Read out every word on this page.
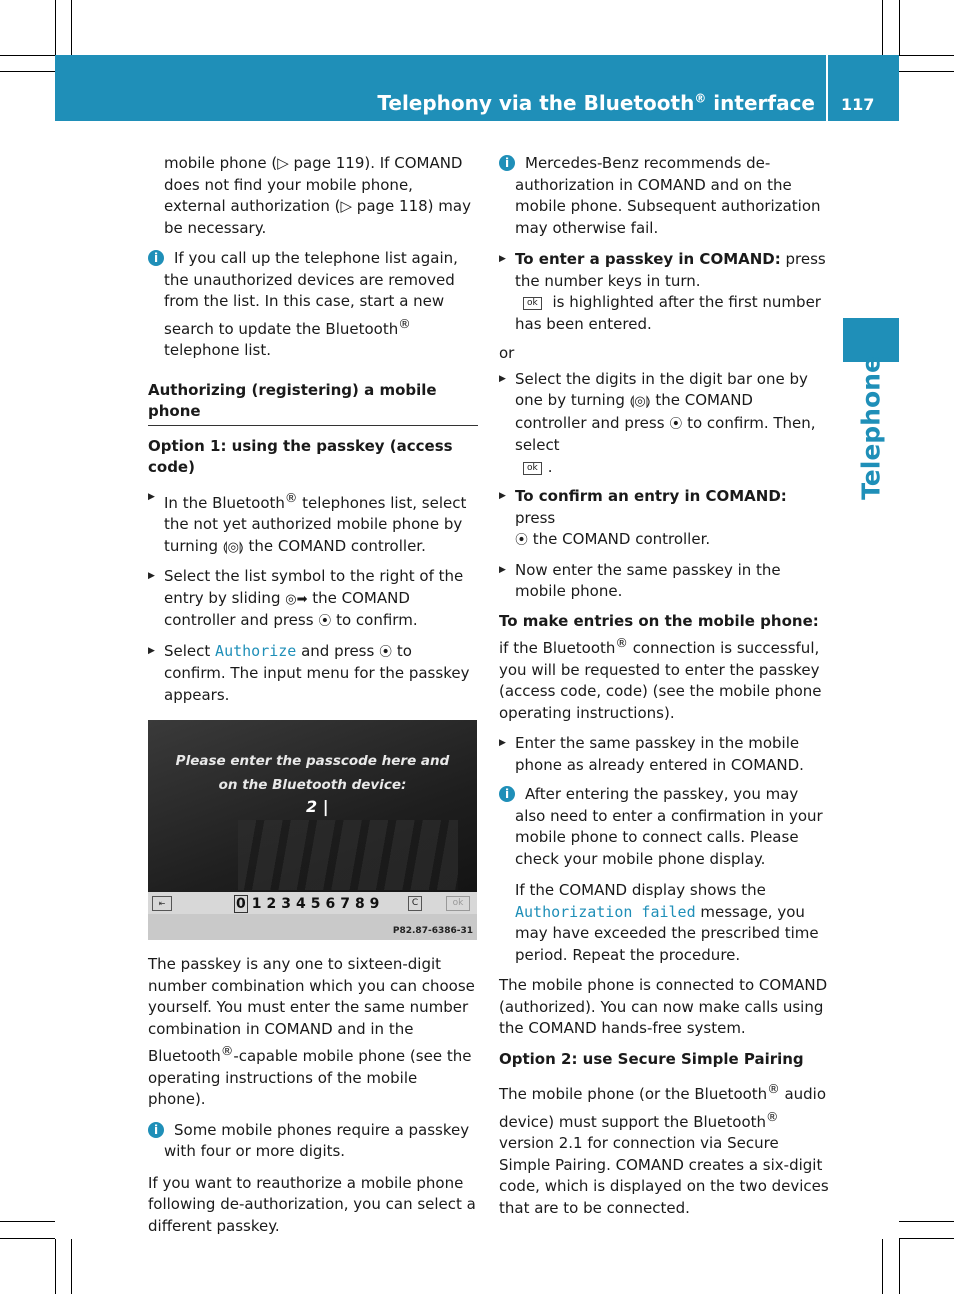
Telephony via the Bluetooth® interface 117
Telephone

mobile phone (▷ page 119). If COMAND does not find your mobile phone, external authorization (▷ page 118) may be necessary.

i	If you call up the telephone list again, the unauthorized devices are removed from the list. In this case, start a new search to update the Bluetooth® telephone list.
Authorizing (registering) a mobile phone
Option 1: using the passkey (access code)
▶ In the Bluetooth® telephones list, select the not yet authorized mobile phone by turning ⟬◎⟭ the COMAND controller.
▶ Select the list symbol to the right of the entry by sliding ◎➡ the COMAND controller and press ⦿ to confirm.
▶ Select Authorize and press ⦿ to confirm. The input menu for the passkey appears.
Please enter the passcode here and
on the Bluetooth device:
2 |
⇤	0 123456789	C	ok
P82.87-6386-31

The passkey is any one to sixteen-digit number combination which you can choose yourself. You must enter the same number combination in COMAND and in the Bluetooth®-capable mobile phone (see the operating instructions of the mobile phone).

i	Some mobile phones require a passkey with four or more digits.

If you want to reauthorize a mobile phone following de-authorization, you can select a different passkey.

i	Mercedes-Benz recommends de-authorization in COMAND and on the mobile phone. Subsequent authorization may otherwise fail.
▶ To enter a passkey in COMAND: press the number keys in turn.
ok is highlighted after the first number has been entered.

or

▶ Select the digits in the digit bar one by one by turning ⟬◎⟭ the COMAND controller and press ⦿ to confirm. Then, select
ok .
▶ To confirm an entry in COMAND: press
⦿ the COMAND controller.
▶ Now enter the same passkey in the mobile phone.

To make entries on the mobile phone: if the Bluetooth® connection is successful, you will be requested to enter the passkey (access code, code) (see the mobile phone operating instructions).

▶ Enter the same passkey in the mobile phone as already entered in COMAND.
i	After entering the passkey, you may also need to enter a confirmation in your mobile phone to connect calls. Please check your mobile phone display.

If the COMAND display shows the Authorization failed message, you may have exceeded the prescribed time period. Repeat the procedure.

The mobile phone is connected to COMAND (authorized). You can now make calls using the COMAND hands-free system.

Option 2: use Secure Simple Pairing

The mobile phone (or the Bluetooth® audio device) must support the Bluetooth® version 2.1 for connection via Secure Simple Pairing. COMAND creates a six-digit code, which is displayed on the two devices that are to be connected.
